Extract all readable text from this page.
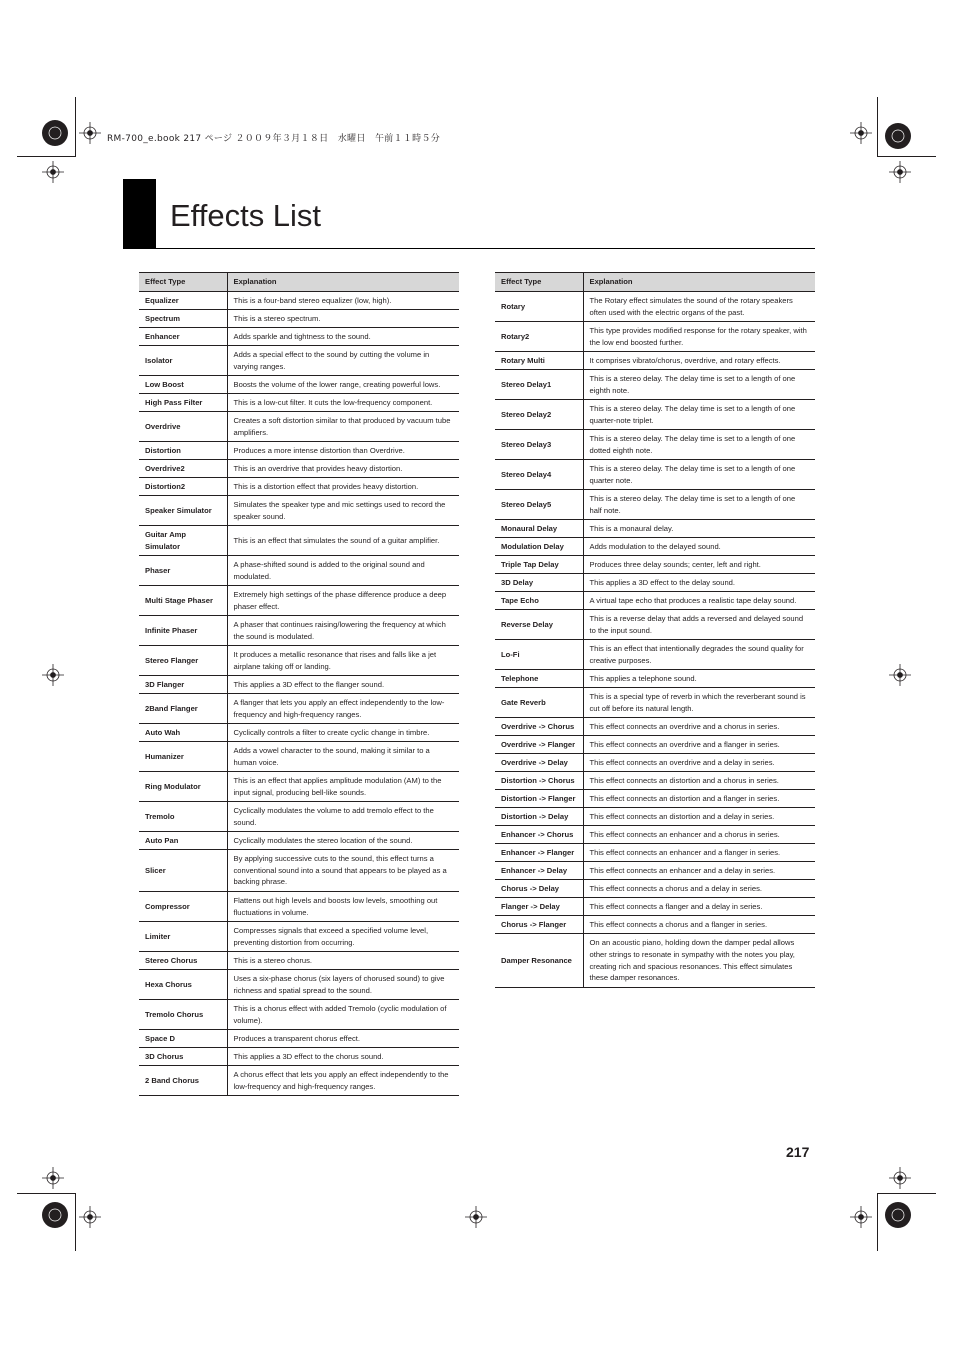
RM-700_e.book 217 ページ ２００９年３月１８日　水曜日　午前１１時５分
Effects List
Effect Type	Explanation
Equalizer	This is a four-band stereo equalizer (low, high).
Spectrum	This is a stereo spectrum.
Enhancer	Adds sparkle and tightness to the sound.
Isolator	Adds a special effect to the sound by cutting the volume in varying ranges.
Low Boost	Boosts the volume of the lower range, creating powerful lows.
High Pass Filter	This is a low-cut filter. It cuts the low-frequency component.
Overdrive	Creates a soft distortion similar to that produced by vacuum tube amplifiers.
Distortion	Produces a more intense distortion than Overdrive.
Overdrive2	This is an overdrive that provides heavy distortion.
Distortion2	This is a distortion effect that provides heavy distortion.
Speaker Simulator	Simulates the speaker type and mic settings used to record the speaker sound.
Guitar Amp Simulator	This is an effect that simulates the sound of a guitar amplifier.
Phaser	A phase-shifted sound is added to the original sound and modulated.
Multi Stage Phaser	Extremely high settings of the phase difference produce a deep phaser effect.
Infinite Phaser	A phaser that continues raising/lowering the frequency at which the sound is modulated.
Stereo Flanger	It produces a metallic resonance that rises and falls like a jet airplane taking off or landing.
3D Flanger	This applies a 3D effect to the flanger sound.
2Band Flanger	A flanger that lets you apply an effect independently to the low-frequency and high-frequency ranges.
Auto Wah	Cyclically controls a filter to create cyclic change in timbre.
Humanizer	Adds a vowel character to the sound, making it similar to a human voice.
Ring Modulator	This is an effect that applies amplitude modulation (AM) to the input signal, producing bell-like sounds.
Tremolo	Cyclically modulates the volume to add tremolo effect to the sound.
Auto Pan	Cyclically modulates the stereo location of the sound.
Slicer	By applying successive cuts to the sound, this effect turns a conventional sound into a sound that appears to be played as a backing phrase.
Compressor	Flattens out high levels and boosts low levels, smoothing out fluctuations in volume.
Limiter	Compresses signals that exceed a specified volume level, preventing distortion from occurring.
Stereo Chorus	This is a stereo chorus.
Hexa Chorus	Uses a six-phase chorus (six layers of chorused sound) to give richness and spatial spread to the sound.
Tremolo Chorus	This is a chorus effect with added Tremolo (cyclic modulation of volume).
Space D	Produces a transparent chorus effect.
3D Chorus	This applies a 3D effect to the chorus sound.
2 Band Chorus	A chorus effect that lets you apply an effect independently to the low-frequency and high-frequency ranges.
Effect Type	Explanation
Rotary	The Rotary effect simulates the sound of the rotary speakers often used with the electric organs of the past.
Rotary2	This type provides modified response for the rotary speaker, with the low end boosted further.
Rotary Multi	It comprises vibrato/chorus, overdrive, and rotary effects.
Stereo Delay1	This is a stereo delay. The delay time is set to a length of one eighth note.
Stereo Delay2	This is a stereo delay. The delay time is set to a length of one quarter-note triplet.
Stereo Delay3	This is a stereo delay. The delay time is set to a length of one dotted eighth note.
Stereo Delay4	This is a stereo delay. The delay time is set to a length of one quarter note.
Stereo Delay5	This is a stereo delay. The delay time is set to a length of one half note.
Monaural Delay	This is a monaural delay.
Modulation Delay	Adds modulation to the delayed sound.
Triple Tap Delay	Produces three delay sounds; center, left and right.
3D Delay	This applies a 3D effect to the delay sound.
Tape Echo	A virtual tape echo that produces a realistic tape delay sound.
Reverse Delay	This is a reverse delay that adds a reversed and delayed sound to the input sound.
Lo-Fi	This is an effect that intentionally degrades the sound quality for creative purposes.
Telephone	This applies a telephone sound.
Gate Reverb	This is a special type of reverb in which the reverberant sound is cut off before its natural length.
Overdrive -> Chorus	This effect connects an overdrive and a chorus in series.
Overdrive -> Flanger	This effect connects an overdrive and a flanger in series.
Overdrive -> Delay	This effect connects an overdrive and a delay in series.
Distortion -> Chorus	This effect connects an distortion and a chorus in series.
Distortion -> Flanger	This effect connects an distortion and a flanger in series.
Distortion -> Delay	This effect connects an distortion and a delay in series.
Enhancer -> Chorus	This effect connects an enhancer and a chorus in series.
Enhancer -> Flanger	This effect connects an enhancer and a flanger in series.
Enhancer -> Delay	This effect connects an enhancer and a delay in series.
Chorus -> Delay	This effect connects a chorus and a delay in series.
Flanger -> Delay	This effect connects a flanger and a delay in series.
Chorus -> Flanger	This effect connects a chorus and a flanger in series.
Damper Resonance	On an acoustic piano, holding down the damper pedal allows other strings to resonate in sympathy with the notes you play, creating rich and spacious resonances. This effect simulates these damper resonances.
217
